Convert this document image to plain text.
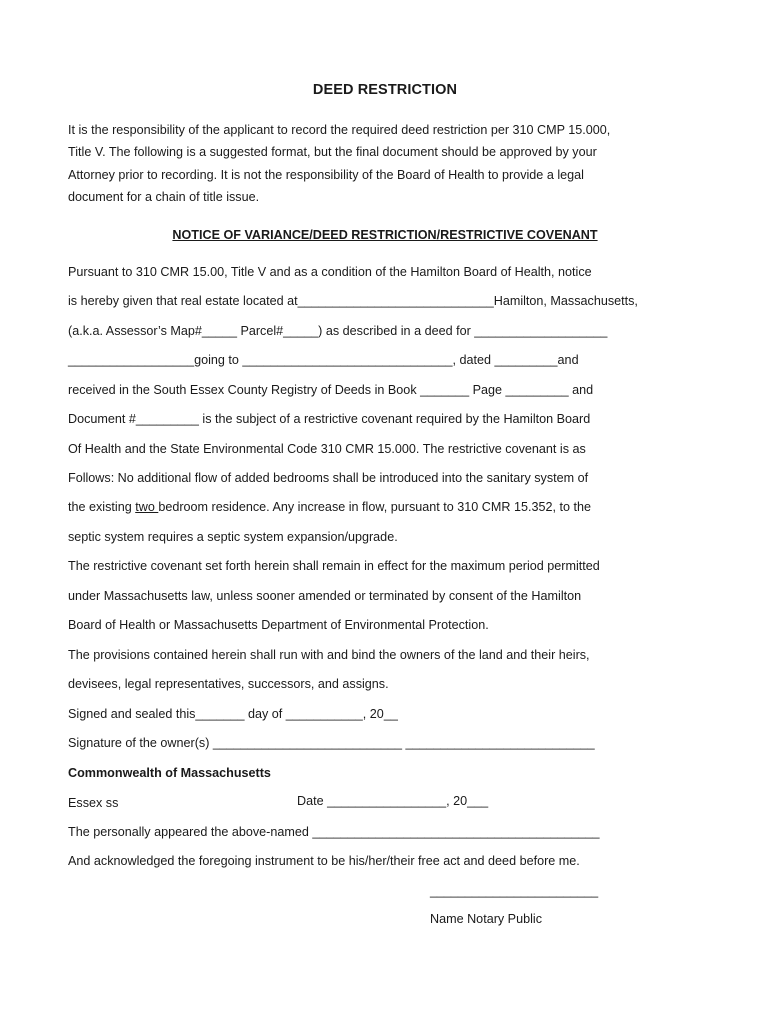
DEED RESTRICTION

It is the responsibility of the applicant to record the required deed restriction per 310 CMP 15.000,

Title V. The following is a suggested format, but the final document should be approved by your

Attorney prior to recording. It is not the responsibility of the Board of Health to provide a legal

document for a chain of title issue.

NOTICE OF VARIANCE/DEED RESTRICTION/RESTRICTIVE COVENANT
Pursuant to 310 CMR 15.00, Title V and as a condition of the Hamilton Board of Health, notice
is hereby given that real estate located at____________________________Hamilton, Massachusetts,
(a.k.a. Assessor’s Map#_____ Parcel#_____) as described in a deed for ___________________
__________________going to ______________________________, dated _________and
received in the South Essex County Registry of Deeds in Book _______ Page _________ and
Document #_________ is the subject of a restrictive covenant required by the Hamilton Board
Of Health and the State Environmental Code 310 CMR 15.000. The restrictive covenant is as
Follows: No additional flow of added bedrooms shall be introduced into the sanitary system of
the existing two bedroom residence. Any increase in flow, pursuant to 310 CMR 15.352, to the
septic system requires a septic system expansion/upgrade.
The restrictive covenant set forth herein shall remain in effect for the maximum period permitted
under Massachusetts law, unless sooner amended or terminated by consent of the Hamilton
Board of Health or Massachusetts Department of Environmental Protection.
The provisions contained herein shall run with and bind the owners of the land and their heirs,
devisees, legal representatives, successors, and assigns.
Signed and sealed this_______ day of ___________, 20__
Signature of the owner(s) ___________________________ ___________________________
Commonwealth of Massachusetts
Essex ss	Date _________________, 20___
The personally appeared the above-named _________________________________________
And acknowledged the foregoing instrument to be his/her/their free act and deed before me.
________________________
Name Notary Public
